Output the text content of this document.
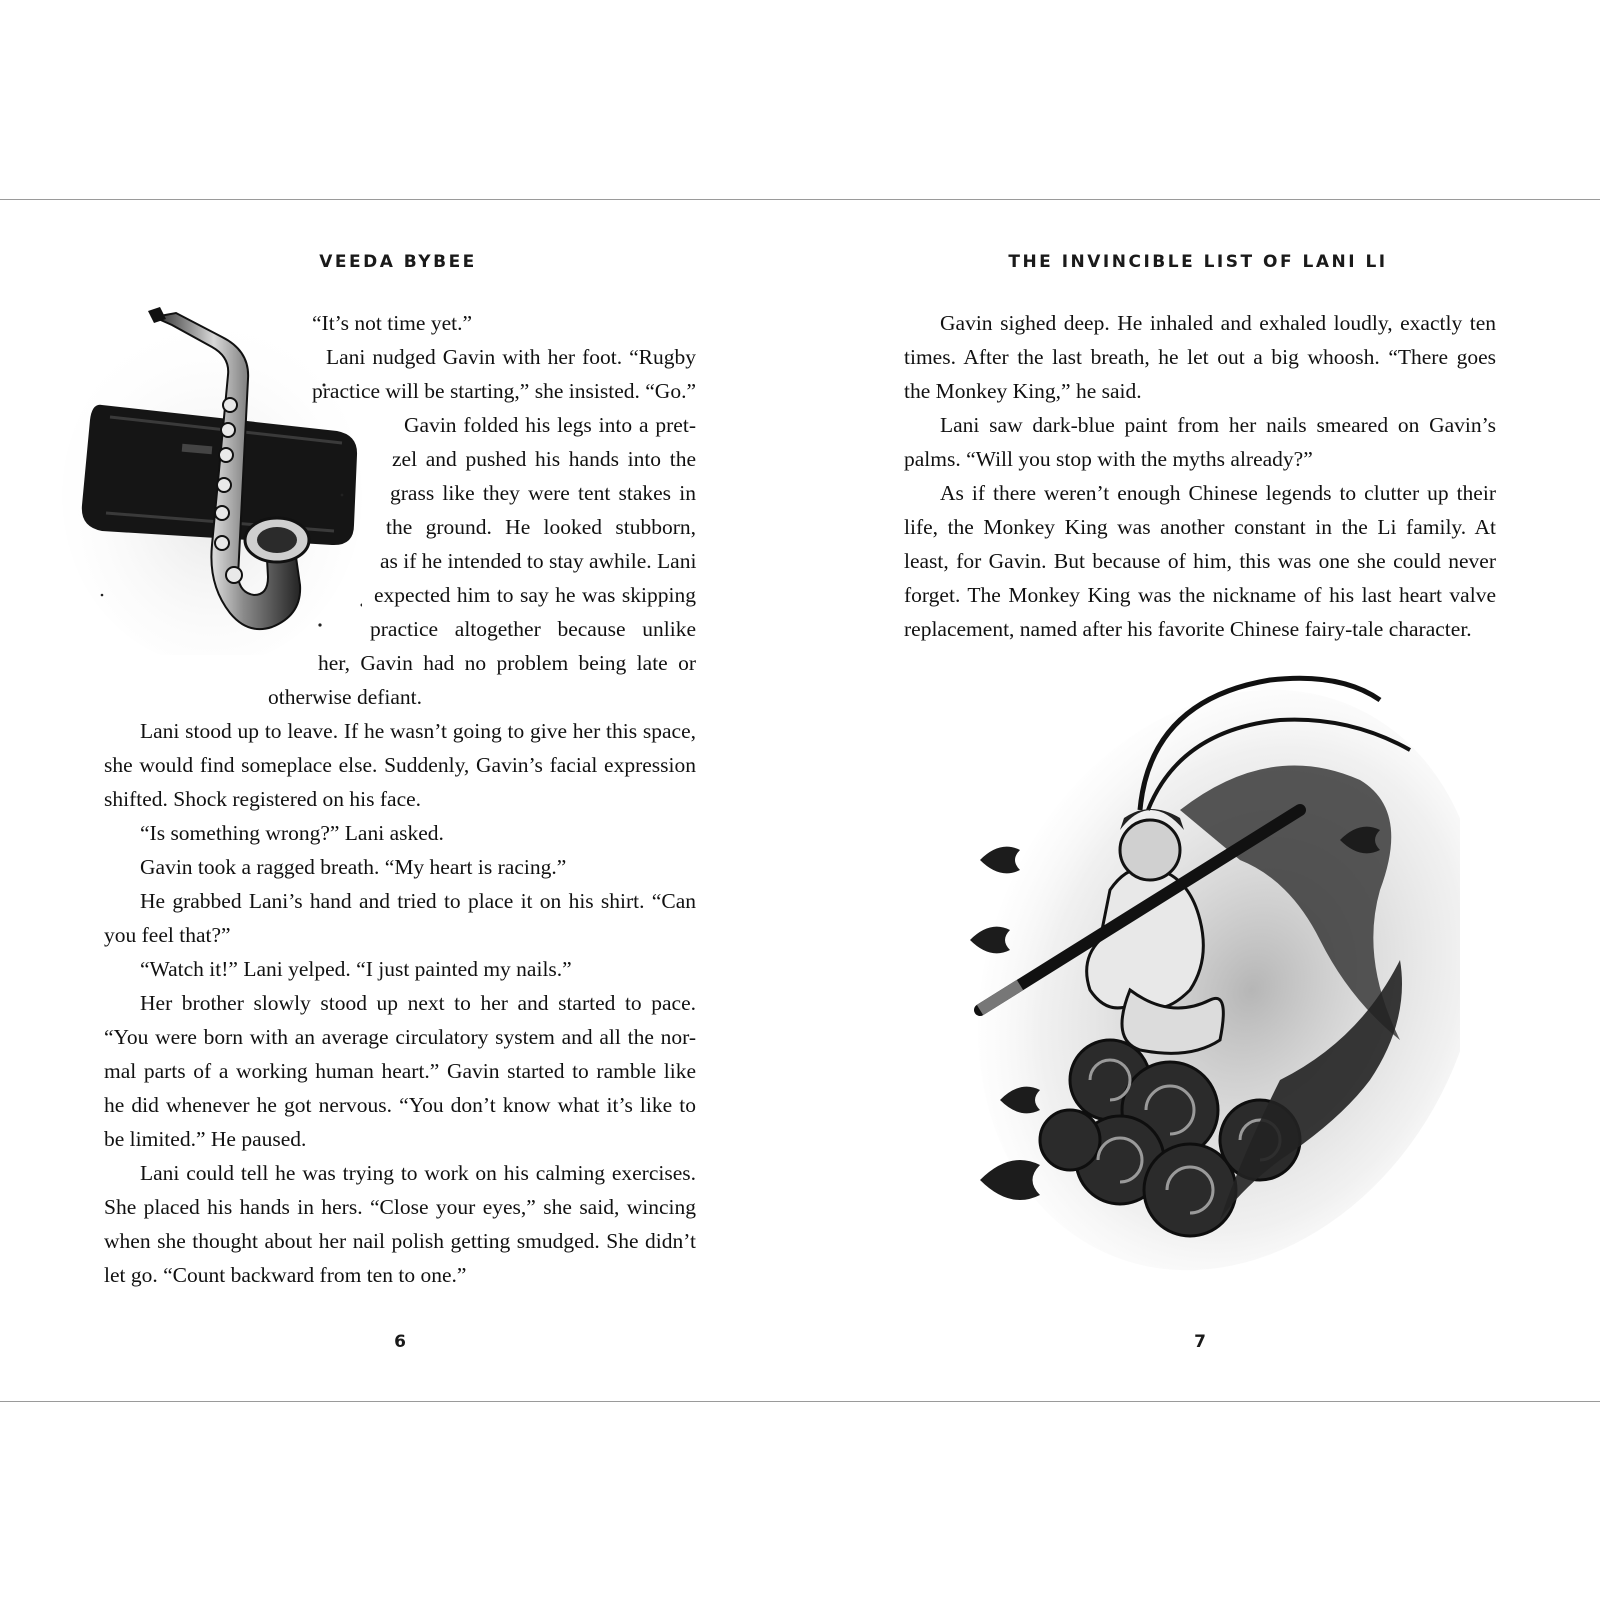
VEEDA BYBEE
“It’s not time yet.”
Lani nudged Gavin with her foot. “Rugby
practice will be starting,” she insisted. “Go.”
Gavin folded his legs into a pret-
zel and pushed his hands into the
grass like they were tent stakes in
the ground. He looked stubborn,
as if he intended to stay awhile. Lani
expected him to say he was skipping
practice altogether because unlike
her, Gavin had no problem being late or
otherwise defiant.
Lani stood up to leave. If he wasn’t going to give her this space,
she would find someplace else. Suddenly, Gavin’s facial expression
shifted. Shock registered on his face.
“Is something wrong?” Lani asked.
Gavin took a ragged breath. “My heart is racing.”
He grabbed Lani’s hand and tried to place it on his shirt. “Can
you feel that?”
“Watch it!” Lani yelped. “I just painted my nails.”
Her brother slowly stood up next to her and started to pace.
“You were born with an average circulatory system and all the nor-
mal parts of a working human heart.” Gavin started to ramble like
he did whenever he got nervous. “You don’t know what it’s like to
be limited.” He paused.
Lani could tell he was trying to work on his calming exercises.
She placed his hands in hers. “Close your eyes,” she said, wincing
when she thought about her nail polish getting smudged. She didn’t
let go. “Count backward from ten to one.”
6
THE INVINCIBLE LIST OF LANI LI
Gavin sighed deep. He inhaled and exhaled loudly, exactly ten
times. After the last breath, he let out a big whoosh. “There goes
the Monkey King,” he said.
Lani saw dark-blue paint from her nails smeared on Gavin’s
palms. “Will you stop with the myths already?”
As if there weren’t enough Chinese legends to clutter up their
life, the Monkey King was another constant in the Li family. At
least, for Gavin. But because of him, this was one she could never
forget. The Monkey King was the nickname of his last heart valve
replacement, named after his favorite Chinese fairy-tale character.
7
